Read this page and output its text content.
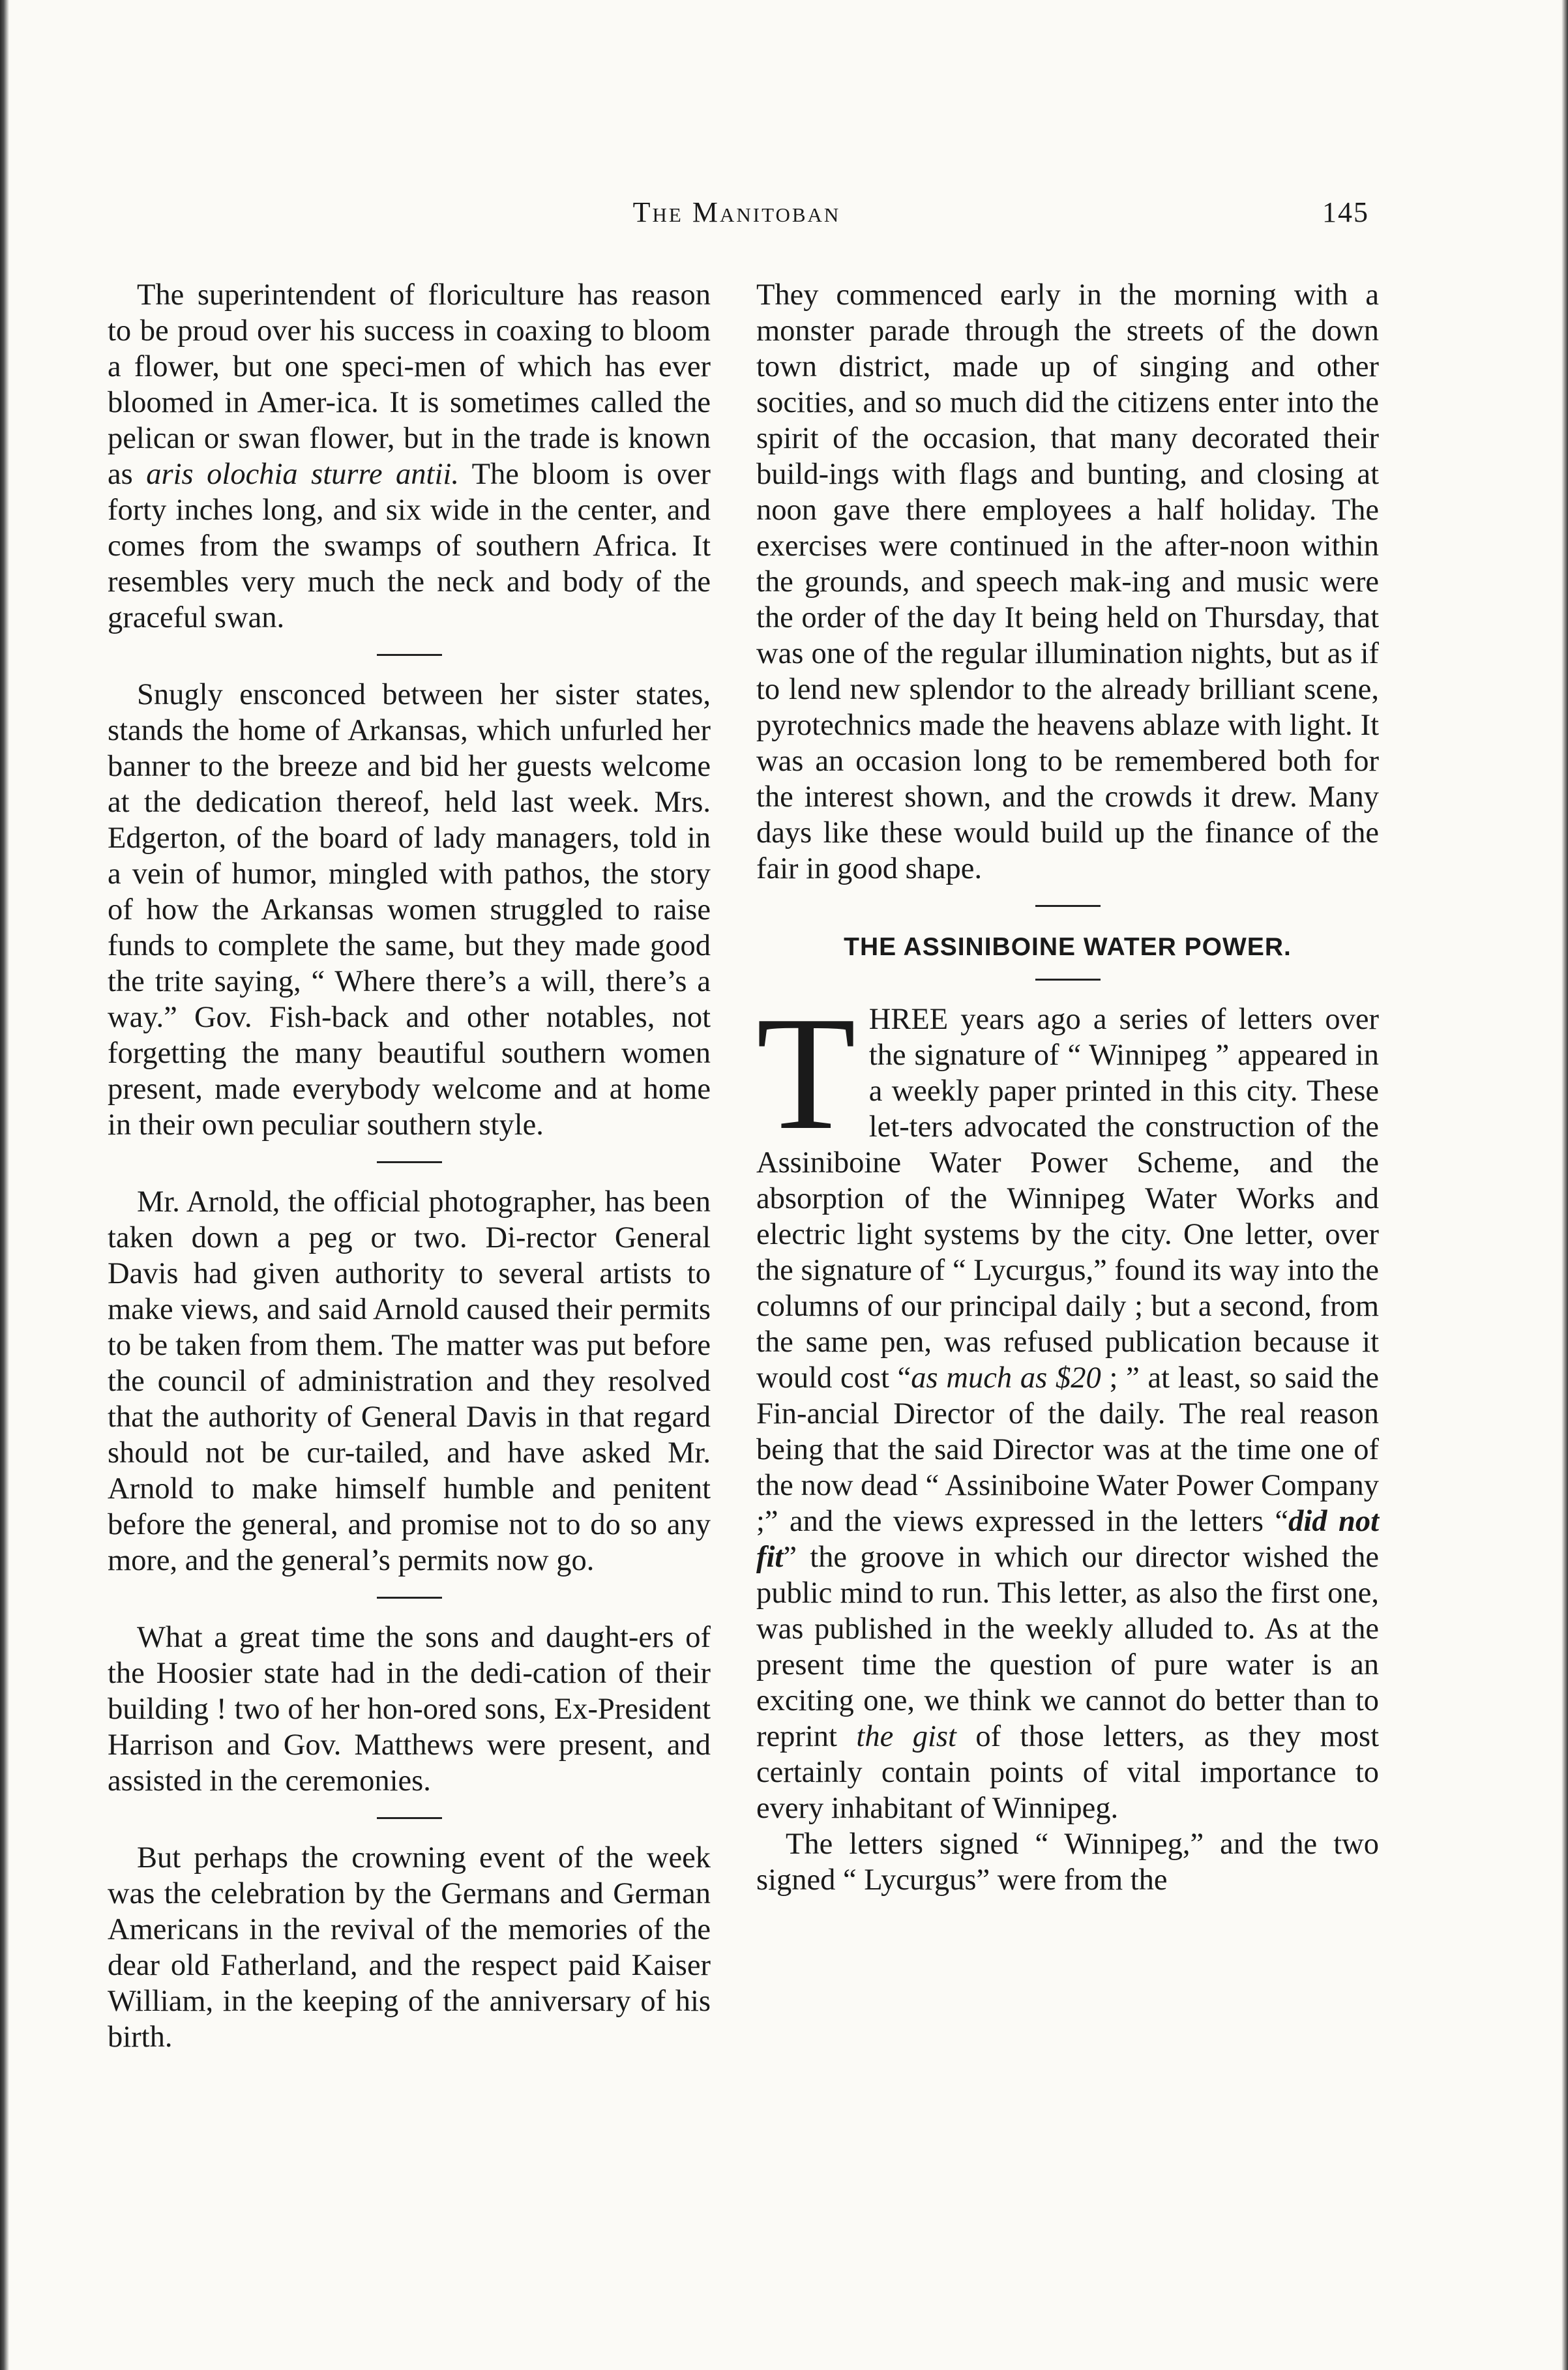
The Manitoban	145

The superintendent of floriculture has reason to be proud over his success in coaxing to bloom a flower, but one speci-men of which has ever bloomed in Amer-ica. It is sometimes called the pelican or swan flower, but in the trade is known as aris olochia sturre antii. The bloom is over forty inches long, and six wide in the center, and comes from the swamps of southern Africa. It resembles very much the neck and body of the graceful swan.

Snugly ensconced between her sister states, stands the home of Arkansas, which unfurled her banner to the breeze and bid her guests welcome at the dedication thereof, held last week. Mrs. Edgerton, of the board of lady managers, told in a vein of humor, mingled with pathos, the story of how the Arkansas women struggled to raise funds to complete the same, but they made good the trite saying, “ Where there’s a will, there’s a way.” Gov. Fish-back and other notables, not forgetting the many beautiful southern women present, made everybody welcome and at home in their own peculiar southern style.

Mr. Arnold, the official photographer, has been taken down a peg or two. Di-rector General Davis had given authority to several artists to make views, and said Arnold caused their permits to be taken from them. The matter was put before the council of administration and they resolved that the authority of General Davis in that regard should not be cur-tailed, and have asked Mr. Arnold to make himself humble and penitent before the general, and promise not to do so any more, and the general’s permits now go.

What a great time the sons and daught-ers of the Hoosier state had in the dedi-cation of their building ! two of her hon-ored sons, Ex-President Harrison and Gov. Matthews were present, and assisted in the ceremonies.

But perhaps the crowning event of the week was the celebration by the Germans and German Americans in the revival of the memories of the dear old Fatherland, and the respect paid Kaiser William, in the keeping of the anniversary of his birth.

They commenced early in the morning with a monster parade through the streets of the down town district, made up of singing and other socities, and so much did the citizens enter into the spirit of the occasion, that many decorated their build-ings with flags and bunting, and closing at noon gave there employees a half holiday. The exercises were continued in the after-noon within the grounds, and speech mak-ing and music were the order of the day It being held on Thursday, that was one of the regular illumination nights, but as if to lend new splendor to the already brilliant scene, pyrotechnics made the heavens ablaze with light. It was an occasion long to be remembered both for the interest shown, and the crowds it drew. Many days like these would build up the finance of the fair in good shape.

THE ASSINIBOINE WATER POWER.

THREE years ago a series of letters over the signature of “ Winnipeg ” appeared in a weekly paper printed in this city. These let-ters advocated the construction of the Assiniboine Water Power Scheme, and the absorption of the Winnipeg Water Works and electric light systems by the city. One letter, over the signature of “ Lycurgus,” found its way into the columns of our principal daily ; but a second, from the same pen, was refused publication because it would cost “as much as $20 ; ” at least, so said the Fin-ancial Director of the daily. The real reason being that the said Director was at the time one of the now dead “ Assiniboine Water Power Company ;” and the views expressed in the letters “did not fit” the groove in which our director wished the public mind to run. This letter, as also the first one, was published in the weekly alluded to. As at the present time the question of pure water is an exciting one, we think we cannot do better than to reprint the gist of those letters, as they most certainly contain points of vital importance to every inhabitant of Winnipeg.

The letters signed “ Winnipeg,” and the two signed “ Lycurgus” were from the
